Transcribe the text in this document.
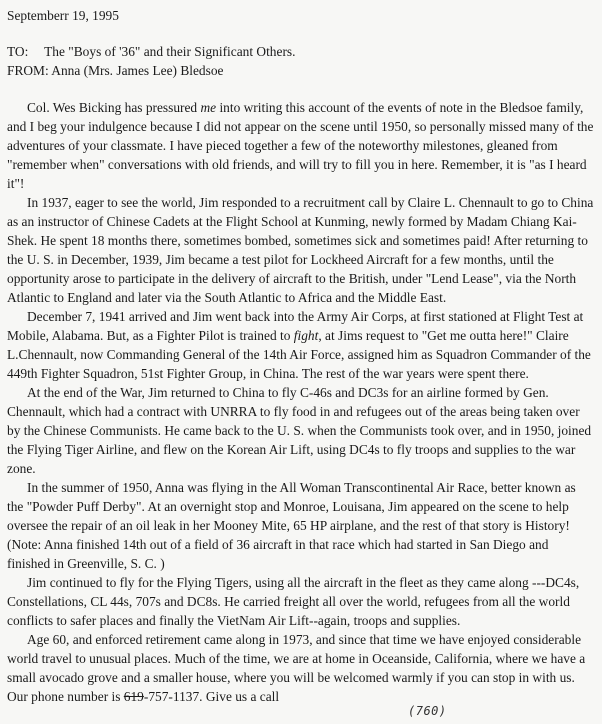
Septemberr 19, 1995

TO: The "Boys of '36" and their Significant Others.

FROM: Anna (Mrs. James Lee) Bledsoe

Col. Wes Bicking has pressured me into writing this account of the events of note in the Bledsoe family, and I beg your indulgence because I did not appear on the scene until 1950, so personally missed many of the adventures of your classmate. I have pieced together a few of the noteworthy milestones, gleaned from "remember when" conversations with old friends, and will try to fill you in here. Remember, it is "as I heard it"!

In 1937, eager to see the world, Jim responded to a recruitment call by Claire L. Chennault to go to China as an instructor of Chinese Cadets at the Flight School at Kunming, newly formed by Madam Chiang Kai-Shek. He spent 18 months there, sometimes bombed, sometimes sick and sometimes paid! After returning to the U. S. in December, 1939, Jim became a test pilot for Lockheed Aircraft for a few months, until the opportunity arose to participate in the delivery of aircraft to the British, under "Lend Lease", via the North Atlantic to England and later via the South Atlantic to Africa and the Middle East.

December 7, 1941 arrived and Jim went back into the Army Air Corps, at first stationed at Flight Test at Mobile, Alabama. But, as a Fighter Pilot is trained to fight, at Jims request to "Get me outta here!" Claire L.Chennault, now Commanding General of the 14th Air Force, assigned him as Squadron Commander of the 449th Fighter Squadron, 51st Fighter Group, in China. The rest of the war years were spent there.

At the end of the War, Jim returned to China to fly C-46s and DC3s for an airline formed by Gen. Chennault, which had a contract with UNRRA to fly food in and refugees out of the areas being taken over by the Chinese Communists. He came back to the U. S. when the Communists took over, and in 1950, joined the Flying Tiger Airline, and flew on the Korean Air Lift, using DC4s to fly troops and supplies to the war zone.

In the summer of 1950, Anna was flying in the All Woman Transcontinental Air Race, better known as the "Powder Puff Derby". At an overnight stop and Monroe, Louisana, Jim appeared on the scene to help oversee the repair of an oil leak in her Mooney Mite, 65 HP airplane, and the rest of that story is History! (Note: Anna finished 14th out of a field of 36 aircraft in that race which had started in San Diego and finished in Greenville, S. C. )

Jim continued to fly for the Flying Tigers, using all the aircraft in the fleet as they came along ---DC4s, Constellations, CL 44s, 707s and DC8s. He carried freight all over the world, refugees from all the world conflicts to safer places and finally the VietNam Air Lift--again, troops and supplies.

Age 60, and enforced retirement came along in 1973, and since that time we have enjoyed considerable world travel to unusual places. Much of the time, we are at home in Oceanside, California, where we have a small avocado grove and a smaller house, where you will be welcomed warmly if you can stop in with us. Our phone number is 619-757-1137. Give us a call

(760)
